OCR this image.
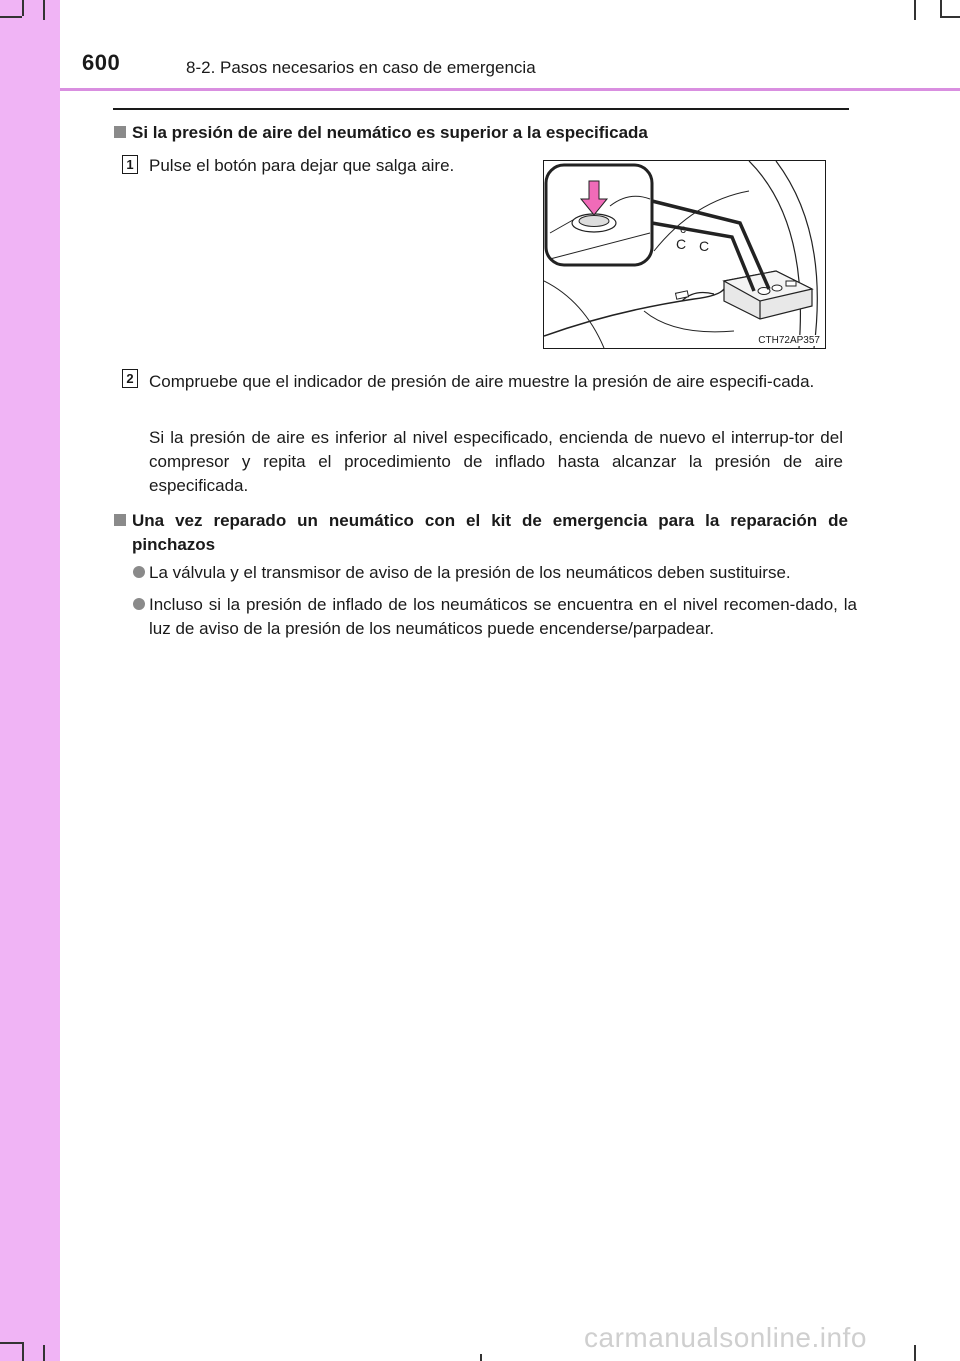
600	8-2. Pasos necesarios en caso de emergencia
Si la presión de aire del neumático es superior a la especificada
1 Pulse el botón para dejar que salga aire.
C C
c
CTH72AP357
2 Compruebe que el indicador de presión de aire muestre la presión de aire especifi-cada.
Si la presión de aire es inferior al nivel especificado, encienda de nuevo el interrup-tor del compresor y repita el procedimiento de inflado hasta alcanzar la presión de aire especificada.
Una vez reparado un neumático con el kit de emergencia para la reparación de pinchazos
La válvula y el transmisor de aviso de la presión de los neumáticos deben sustituirse.
Incluso si la presión de inflado de los neumáticos se encuentra en el nivel recomen-dado, la luz de aviso de la presión de los neumáticos puede encenderse/parpadear.
carmanualsonline.info
